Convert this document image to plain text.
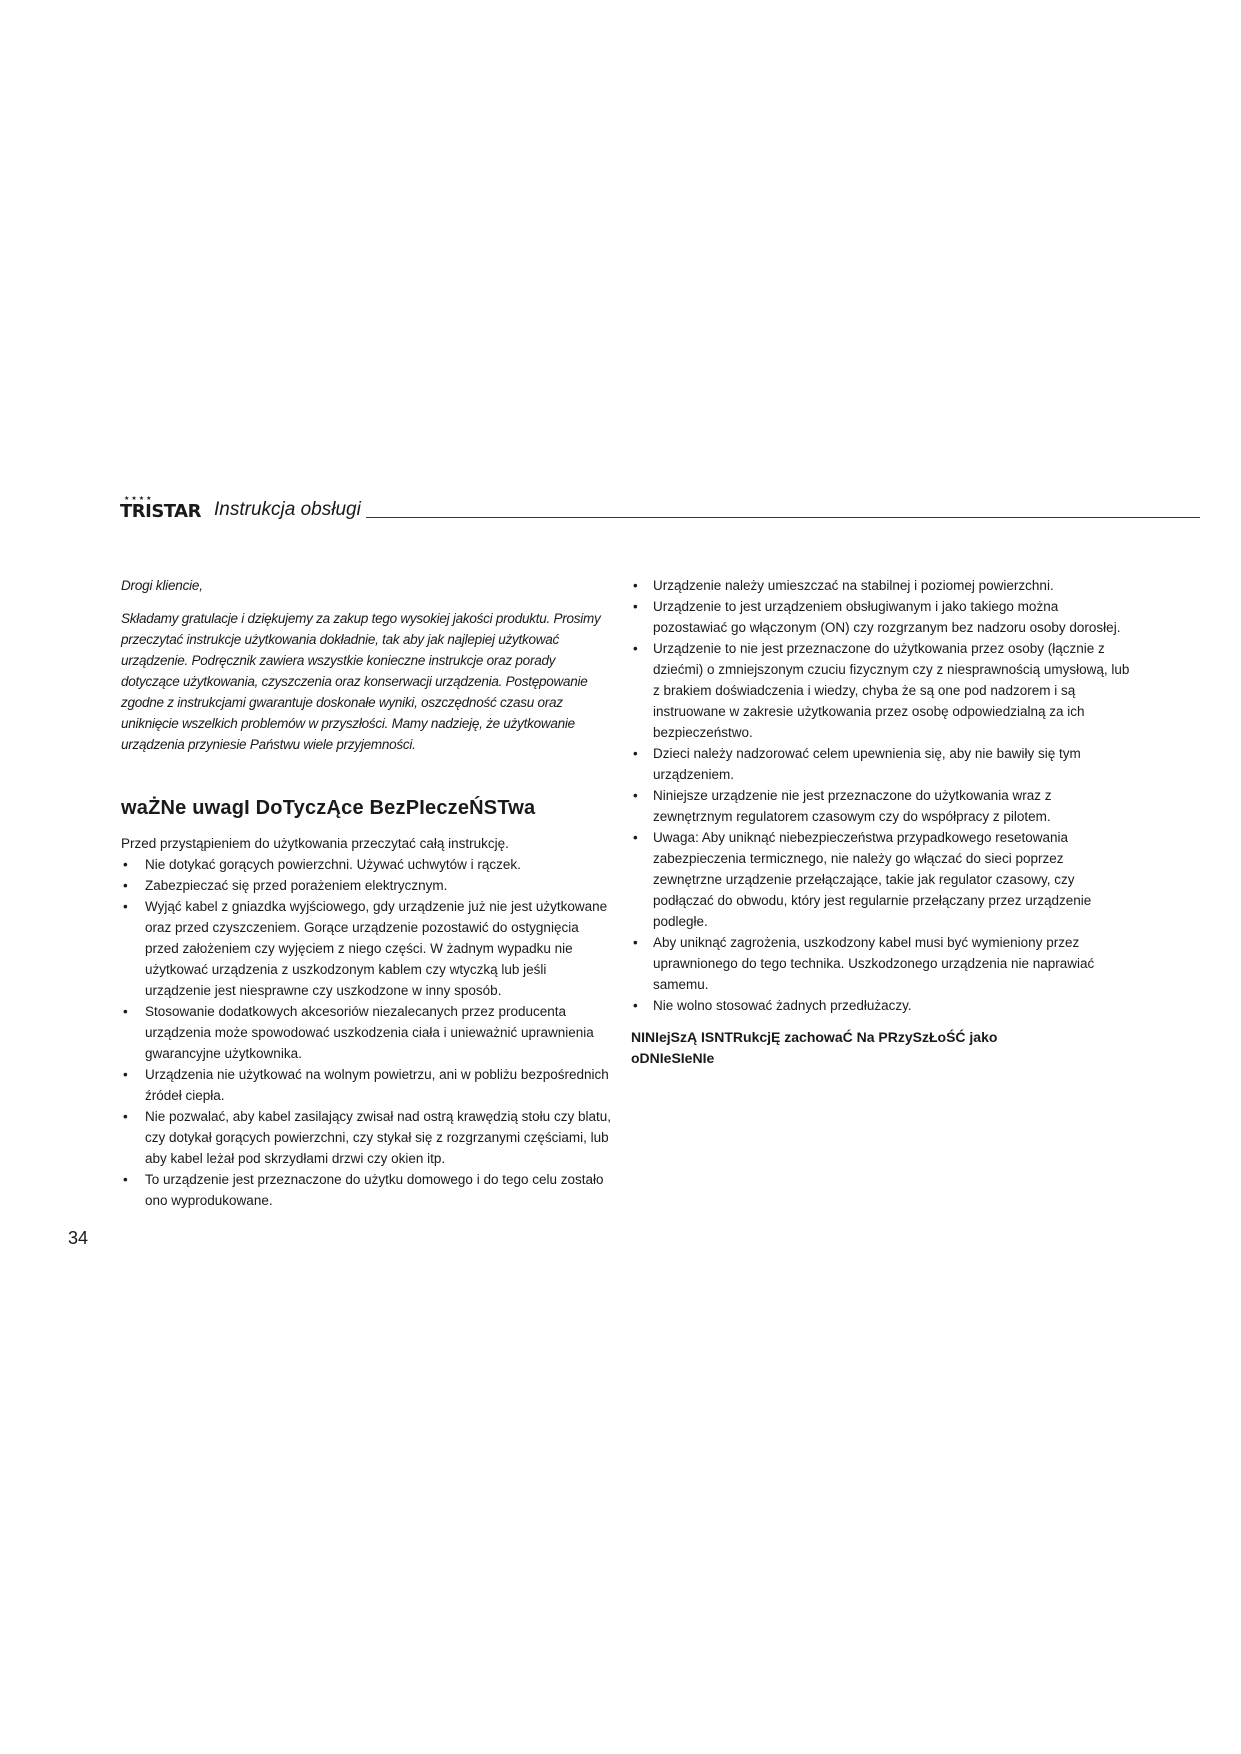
★★★★
TRISTAR Instrukcja obsługi

Drogi kliencie,

Składamy gratulacje i dziękujemy za zakup tego wysokiej jakości produktu. Prosimy przeczytać instrukcje użytkowania dokładnie, tak aby jak najlepiej użytkować urządzenie. Podręcznik zawiera wszystkie konieczne instrukcje oraz porady dotyczące użytkowania, czyszczenia oraz konserwacji urządzenia. Postępowanie zgodne z instrukcjami gwarantuje doskonałe wyniki, oszczędność czasu oraz uniknięcie wszelkich problemów w przyszłości. Mamy nadzieję, że użytkowanie urządzenia przyniesie Państwu wiele przyjemności.

waŻNe uwagI DoTyczĄce BezPIeczeŃSTwa

Przed przystąpieniem do użytkowania przeczytać całą instrukcję.

• Nie dotykać gorących powierzchni. Używać uchwytów i rączek.
• Zabezpieczać się przed porażeniem elektrycznym.
• Wyjąć kabel z gniazdka wyjściowego, gdy urządzenie już nie jest użytkowane oraz przed czyszczeniem. Gorące urządzenie pozostawić do ostygnięcia przed założeniem czy wyjęciem z niego części. W żadnym wypadku nie użytkować urządzenia z uszkodzonym kablem czy wtyczką lub jeśli urządzenie jest niesprawne czy uszkodzone w inny sposób.
• Stosowanie dodatkowych akcesoriów niezalecanych przez producenta urządzenia może spowodować uszkodzenia ciała i unieważnić uprawnienia gwarancyjne użytkownika.
• Urządzenia nie użytkować na wolnym powietrzu, ani w pobliżu bezpośrednich źródeł ciepła.
• Nie pozwalać, aby kabel zasilający zwisał nad ostrą krawędzią stołu czy blatu, czy dotykał gorących powierzchni, czy stykał się z rozgrzanymi częściami, lub aby kabel leżał pod skrzydłami drzwi czy okien itp.
• To urządzenie jest przeznaczone do użytku domowego i do tego celu zostało ono wyprodukowane.
• Urządzenie należy umieszczać na stabilnej i poziomej powierzchni.
• Urządzenie to jest urządzeniem obsługiwanym i jako takiego można pozostawiać go włączonym (ON) czy rozgrzanym bez nadzoru osoby dorosłej.
• Urządzenie to nie jest przeznaczone do użytkowania przez osoby (łącznie z dziećmi) o zmniejszonym czuciu fizycznym czy z niesprawnością umysłową, lub z brakiem doświadczenia i wiedzy, chyba że są one pod nadzorem i są instruowane w zakresie użytkowania przez osobę odpowiedzialną za ich bezpieczeństwo.
• Dzieci należy nadzorować celem upewnienia się, aby nie bawiły się tym urządzeniem.
• Niniejsze urządzenie nie jest przeznaczone do użytkowania wraz z zewnętrznym regulatorem czasowym czy do współpracy z pilotem.
• Uwaga: Aby uniknąć niebezpieczeństwa przypadkowego resetowania zabezpieczenia termicznego, nie należy go włączać do sieci poprzez zewnętrzne urządzenie przełączające, takie jak regulator czasowy, czy podłączać do obwodu, który jest regularnie przełączany przez urządzenie podległe.
• Aby uniknąć zagrożenia, uszkodzony kabel musi być wymieniony przez uprawnionego do tego technika. Uszkodzonego urządzenia nie naprawiać samemu.
• Nie wolno stosować żadnych przedłużaczy.

NINIejSzĄ ISNTRukcjĘ zachowaĆ Na PRzySzŁoŚĆ jako oDNIeSIeNIe

34
